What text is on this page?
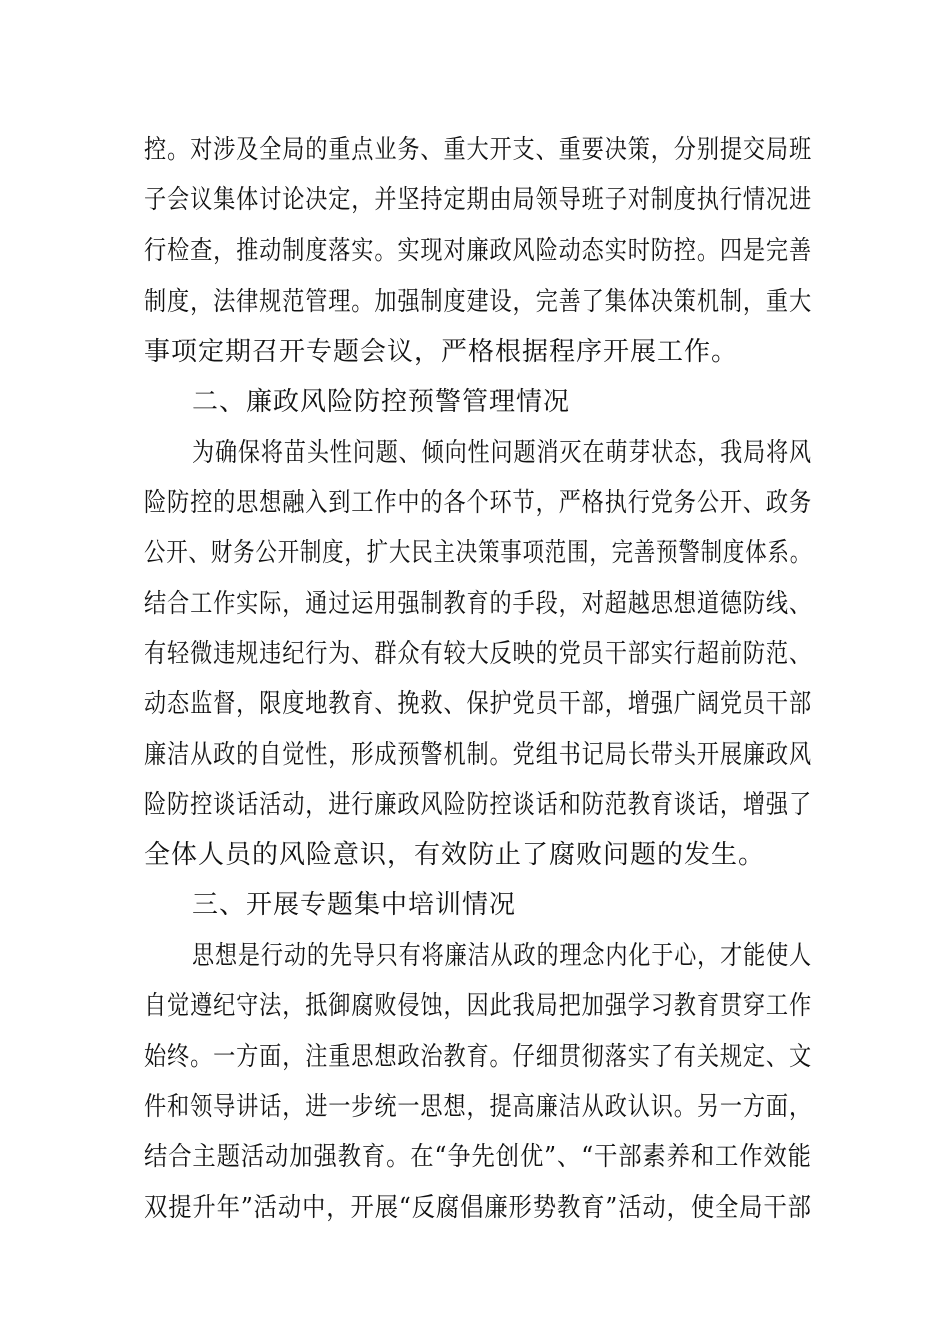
控。对涉及全局的重点业务、重大开支、重要决策，分别提交局班
子会议集体讨论决定，并坚持定期由局领导班子对制度执行情况进
行检查，推动制度落实。实现对廉政风险动态实时防控。四是完善
制度，法律规范管理。加强制度建设，完善了集体决策机制，重大
事项定期召开专题会议，严格根据程序开展工作。
二、廉政风险防控预警管理情况
为确保将苗头性问题、倾向性问题消灭在萌芽状态，我局将风
险防控的思想融入到工作中的各个环节，严格执行党务公开、政务
公开、财务公开制度，扩大民主决策事项范围，完善预警制度体系。
结合工作实际，通过运用强制教育的手段，对超越思想道德防线、
有轻微违规违纪行为、群众有较大反映的党员干部实行超前防范、
动态监督，限度地教育、挽救、保护党员干部，增强广阔党员干部
廉洁从政的自觉性，形成预警机制。党组书记局长带头开展廉政风
险防控谈话活动，进行廉政风险防控谈话和防范教育谈话，增强了
全体人员的风险意识，有效防止了腐败问题的发生。
三、开展专题集中培训情况
思想是行动的先导只有将廉洁从政的理念内化于心，才能使人
自觉遵纪守法，抵御腐败侵蚀，因此我局把加强学习教育贯穿工作
始终。一方面，注重思想政治教育。仔细贯彻落实了有关规定、文
件和领导讲话，进一步统一思想，提高廉洁从政认识。另一方面，
结合主题活动加强教育。在“争先创优”、“干部素养和工作效能
双提升年”活动中，开展“反腐倡廉形势教育”活动，使全局干部
